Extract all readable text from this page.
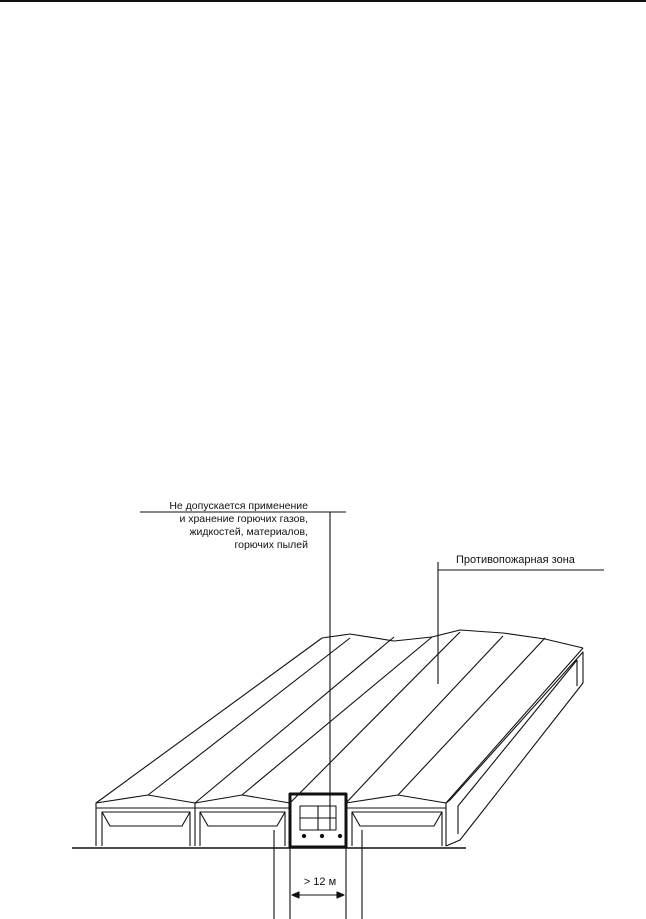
Не допускается применение
и хранение горючих газов,
жидкостей, материалов,
горючих пылей
Противопожарная зона
> 12 м
